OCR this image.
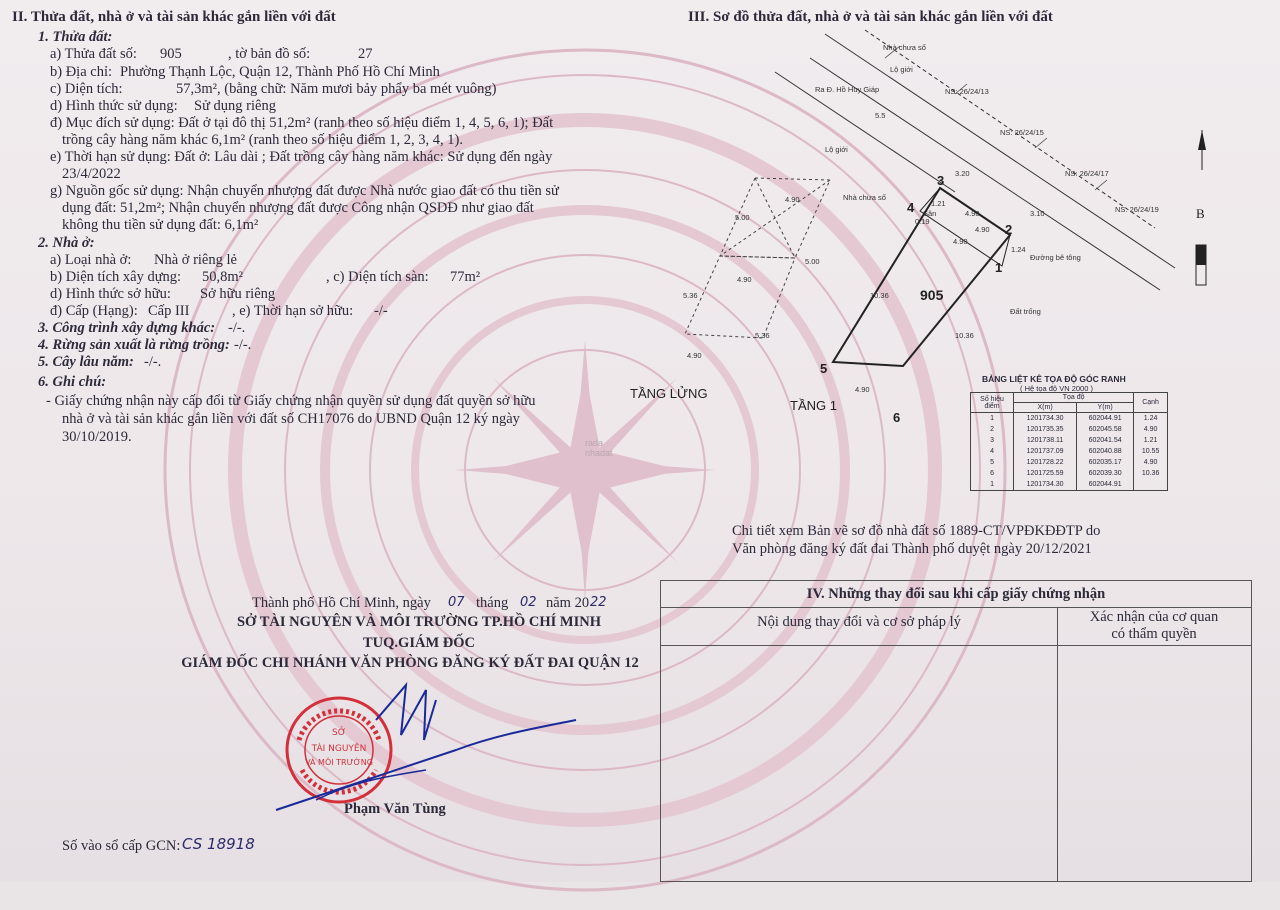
II. Thửa đất, nhà ở và tài sản khác gắn liền với đất
1. Thửa đất:
a) Thửa đất số: 905	, tờ bản đồ số:	27
b) Địa chỉ: Phường Thạnh Lộc, Quận 12, Thành Phố Hồ Chí Minh
c) Diện tích:	57,3m², (bằng chữ: Năm mươi bảy phẩy ba mét vuông)
d) Hình thức sử dụng: Sử dụng riêng
đ) Mục đích sử dụng: Đất ở tại đô thị 51,2m² (ranh theo số hiệu điểm 1, 4, 5, 6, 1); Đất
trồng cây hàng năm khác 6,1m² (ranh theo số hiệu điểm 1, 2, 3, 4, 1).
e) Thời hạn sử dụng: Đất ở: Lâu dài ; Đất trồng cây hàng năm khác: Sử dụng đến ngày
23/4/2022
g) Nguồn gốc sử dụng: Nhận chuyển nhượng đất được Nhà nước giao đất có thu tiền sử
dụng đất: 51,2m²; Nhận chuyển nhượng đất được Công nhận QSDĐ như giao đất
không thu tiền sử dụng đất: 6,1m²
2. Nhà ở:
a) Loại nhà ở: Nhà ở riêng lẻ
b) Diện tích xây dựng: 50,8m²	, c) Diện tích sàn: 77m²
d) Hình thức sở hữu: Sở hữu riêng
đ) Cấp (Hạng): Cấp III	, e) Thời hạn sở hữu: -/-
3. Công trình xây dựng khác: -/-.
4. Rừng sản xuất là rừng trồng: -/-.
5. Cây lâu năm: -/-.
6. Ghi chú:
- Giấy chứng nhận này cấp đổi từ Giấy chứng nhận quyền sử dụng đất quyền sở hữu
nhà ở và tài sản khác gắn liền với đất số CH17076 do UBND Quận 12 ký ngày
30/10/2019.
Thành phố Hồ Chí Minh, ngày 07 tháng 02 năm 20 22
SỞ TÀI NGUYÊN VÀ MÔI TRƯỜNG TP.HỒ CHÍ MINH
TUQ.GIÁM ĐỐC
GIÁM ĐỐC CHI NHÁNH VĂN PHÒNG ĐĂNG KÝ ĐẤT ĐAI QUẬN 12
SỞ
TÀI NGUYÊN
VÀ MÔI TRƯỜNG
Phạm Văn Tùng
Số vào sổ cấp GCN: CS 18918
III. Sơ đồ thửa đất, nhà ở và tài sản khác gắn liền với đất
Nhà chưa số
Lộ giới
Ra Đ. Hồ Huy Giáp	NS: 26/24/13
NS: 26/24/15
NS: 26/24/17
NS: 26/24/19
Lộ giới
Nhà chưa số
Sân
Đường bê tông
Đất trống
5.5
3.20
3.10
1.24
1.21
0.19
4.90
4.90
4.90
4.90
10.36
10.36
4.90
4.90
4.90
5.00
5.00
5.36
5.36
905
TẦNG LỬNG
TẦNG 1
1
2
3
4
5
6
rada
nhadat
B
BẢNG LIỆT KÊ TỌA ĐỘ GÓC RANH
( Hệ tọa độ VN 2000 )
Số hiệu
điểm	Tọa độ		Cạnh
	X(m)	Y(m)	
1	1201734.30	602044.91	1.24
2	1201735.35	602045.58	4.90
3	1201738.11	602041.54	1.21
4	1201737.09	602040.88	10.55
5	1201728.22	602035.17	4.90
6	1201725.59	602039.30	10.36
1	1201734.30	602044.91	
Chi tiết xem Bản vẽ sơ đồ nhà đất số 1889-CT/VPĐKĐĐTP do
Văn phòng đăng ký đất đai Thành phố duyệt ngày 20/12/2021
IV. Những thay đổi sau khi cấp giấy chứng nhận
Nội dung thay đổi và cơ sở pháp lý	Xác nhận của cơ quan
có thẩm quyền
